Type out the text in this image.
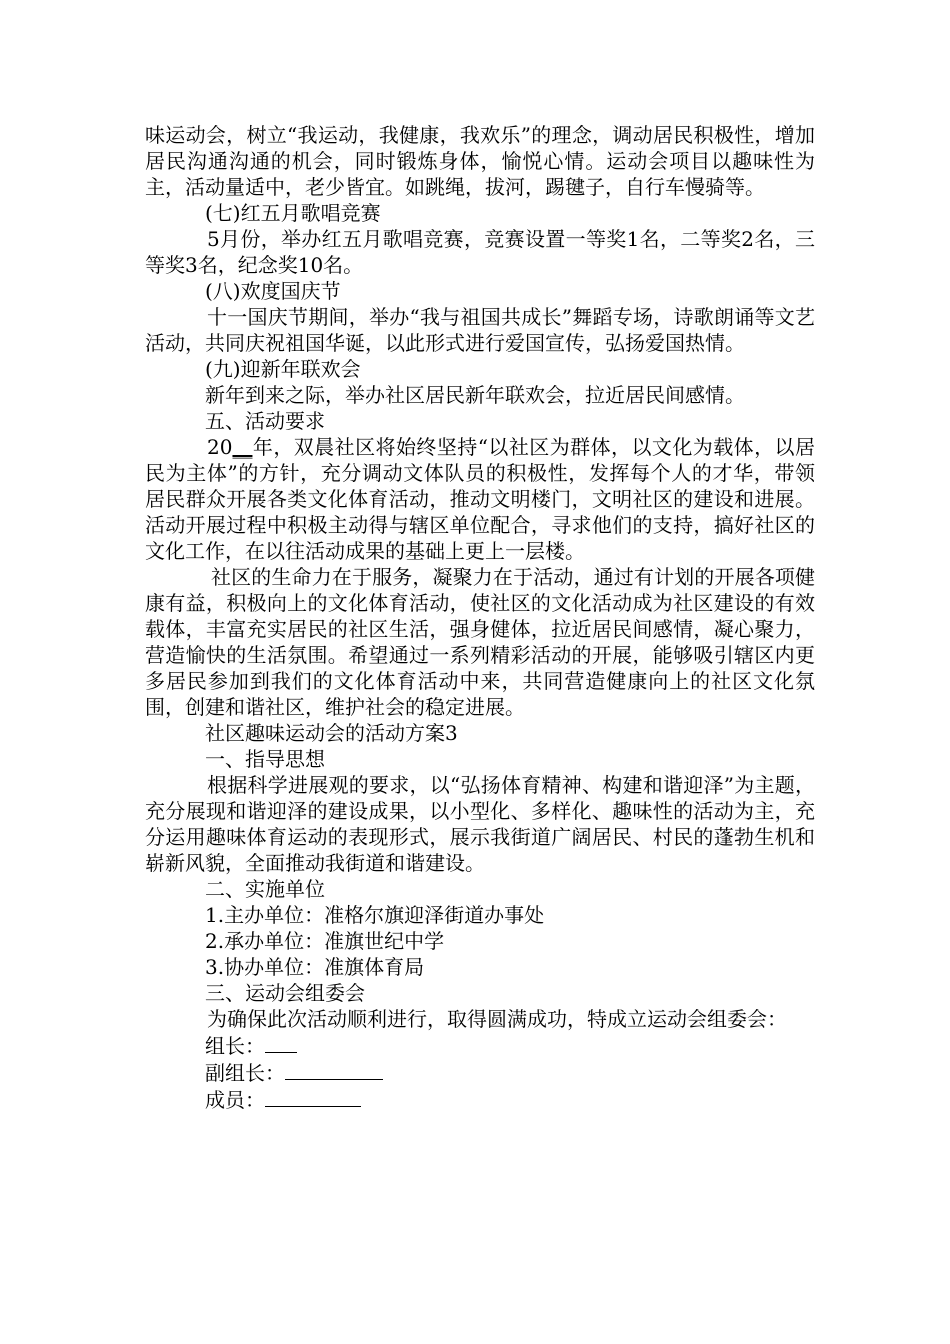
味运动会，树立“我运动，我健康，我欢乐”的理念，调动居民积极性，增加居民沟通沟通的机会，同时锻炼身体，愉悦心情。运动会项目以趣味性为主，活动量适中，老少皆宜。如跳绳，拔河，踢毽子，自行车慢骑等。

(七)红五月歌唱竞赛

5月份，举办红五月歌唱竞赛，竞赛设置一等奖1名，二等奖2名，三等奖3名，纪念奖10名。

(八)欢度国庆节

十一国庆节期间，举办“我与祖国共成长”舞蹈专场，诗歌朗诵等文艺活动，共同庆祝祖国华诞，以此形式进行爱国宣传，弘扬爱国热情。

(九)迎新年联欢会

新年到来之际，举办社区居民新年联欢会，拉近居民间感情。

五、活动要求

20__年，双晨社区将始终坚持“以社区为群体，以文化为载体，以居民为主体”的方针，充分调动文体队员的积极性，发挥每个人的才华，带领居民群众开展各类文化体育活动，推动文明楼门，文明社区的建设和进展。活动开展过程中积极主动得与辖区单位配合，寻求他们的支持，搞好社区的文化工作，在以往活动成果的基础上更上一层楼。

社区的生命力在于服务，凝聚力在于活动，通过有计划的开展各项健康有益，积极向上的文化体育活动，使社区的文化活动成为社区建设的有效载体，丰富充实居民的社区生活，强身健体，拉近居民间感情，凝心聚力，营造愉快的生活氛围。希望通过一系列精彩活动的开展，能够吸引辖区内更多居民参加到我们的文化体育活动中来，共同营造健康向上的社区文化氛围，创建和谐社区，维护社会的稳定进展。

社区趣味运动会的活动方案3

一、指导思想

根据科学进展观的要求，以“弘扬体育精神、构建和谐迎泽”为主题，充分展现和谐迎泽的建设成果，以小型化、多样化、趣味性的活动为主，充分运用趣味体育运动的表现形式，展示我街道广阔居民、村民的蓬勃生机和崭新风貌，全面推动我街道和谐建设。

二、实施单位

1.主办单位：准格尔旗迎泽街道办事处

2.承办单位：准旗世纪中学

3.协办单位：准旗体育局

三、运动会组委会

为确保此次活动顺利进行，取得圆满成功，特成立运动会组委会：

组长：

副组长：

成员：
